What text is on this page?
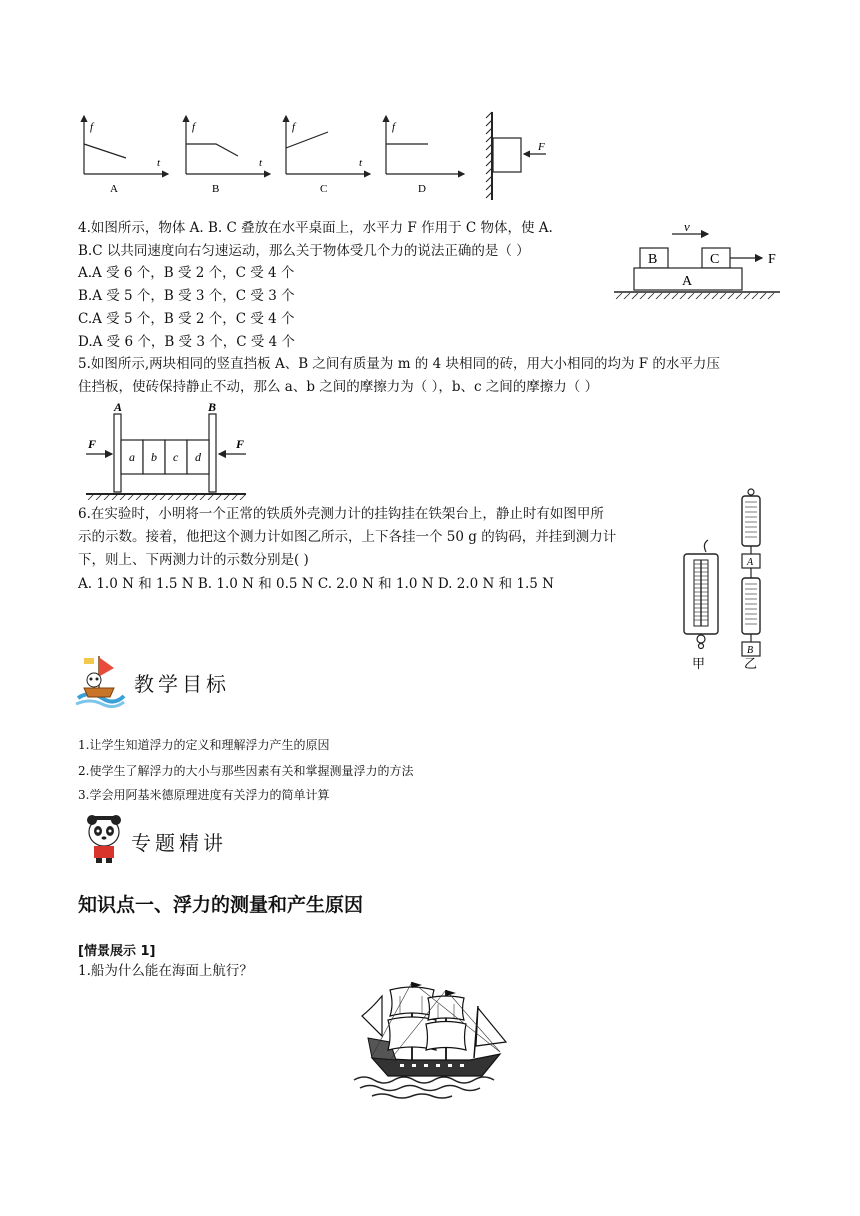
f
t
A
f
t
B
f
t
C
f
D
F
4.如图所示，物体 A. B. C 叠放在水平桌面上，水平力 F 作用于 C 物体，使 A.
B.C 以共同速度向右匀速运动，那么关于物体受几个力的说法正确的是（ ）
A.A 受 6 个，B 受 2 个，C 受 4 个
B.A 受 5 个，B 受 3 个，C 受 3 个
C.A 受 5 个，B 受 2 个，C 受 4 个
D.A 受 6 个，B 受 3 个，C 受 4 个
v
B	C	F
A
5.如图所示,两块相同的竖直挡板 A、B 之间有质量为 m 的 4 块相同的砖，用大小相同的均为 F 的水平力压
住挡板，使砖保持静止不动，那么 a、b 之间的摩擦力为（ ），b、c 之间的摩擦力（ ）
A	B
a b c d
F	F
6.在实验时，小明将一个正常的铁质外壳测力计的挂钩挂在铁架台上，静止时有如图甲所
示的示数。接着，他把这个测力计如图乙所示，上下各挂一个 50 g 的钩码，并挂到测力计
下，则上、下两测力计的示数分别是( )
A. 1.0 N 和 1.5 N B. 1.0 N 和 0.5 N C. 2.0 N 和 1.0 N D. 2.0 N 和 1.5 N
甲
A
B
乙
教学目标
1.让学生知道浮力的定义和理解浮力产生的原因
2.使学生了解浮力的大小与那些因素有关和掌握测量浮力的方法
3.学会用阿基米德原理进度有关浮力的简单计算
专题精讲
知识点一、浮力的测量和产生原因
[情景展示 1]
1.船为什么能在海面上航行？
